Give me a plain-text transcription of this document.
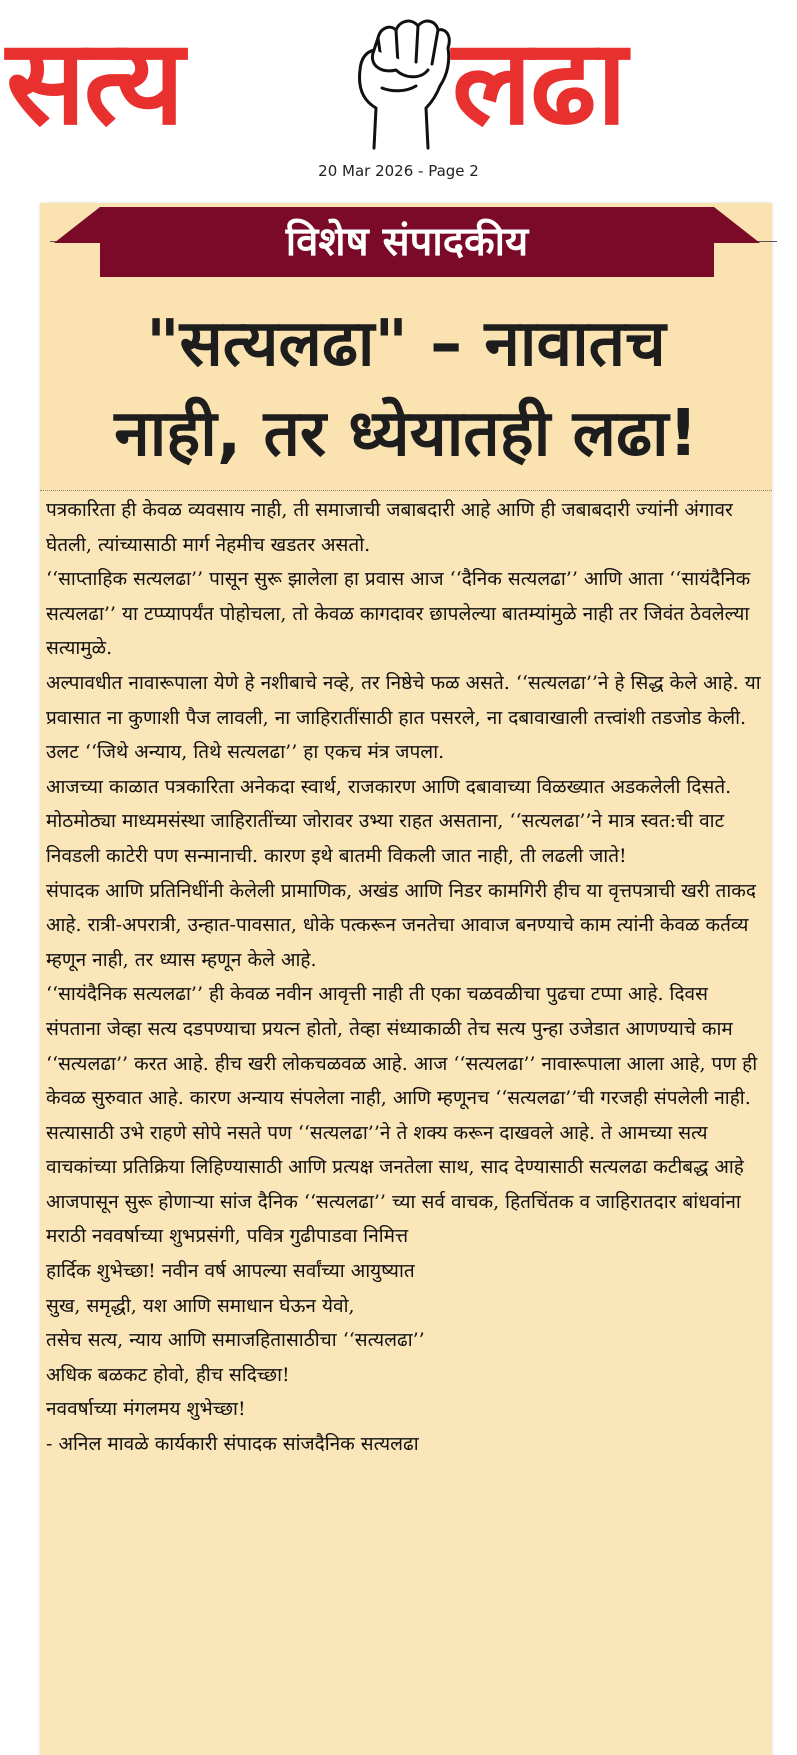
सत्य लढा
20 Mar 2026 - Page 2
विशेष संपादकीय
"सत्यलढा" – नावातच
नाही, तर ध्येयातही लढा!

पत्रकारिता ही केवळ व्यवसाय नाही, ती समाजाची जबाबदारी आहे आणि ही जबाबदारी ज्यांनी अंगावर घेतली, त्यांच्यासाठी मार्ग नेहमीच खडतर असतो.

‘‘साप्ताहिक सत्यलढा’’ पासून सुरू झालेला हा प्रवास आज ‘‘दैनिक सत्यलढा’’ आणि आता ‘‘सायंदैनिक सत्यलढा’’ या टप्प्यापर्यंत पोहोचला, तो केवळ कागदावर छापलेल्या बातम्यांमुळे नाही तर जिवंत ठेवलेल्या सत्यामुळे.

अल्पावधीत नावारूपाला येणे हे नशीबाचे नव्हे, तर निष्ठेचे फळ असते. ‘‘सत्यलढा’’ने हे सिद्ध केले आहे. या प्रवासात ना कुणाशी पैज लावली, ना जाहिरातींसाठी हात पसरले, ना दबावाखाली तत्त्वांशी तडजोड केली. उलट ‘‘जिथे अन्याय, तिथे सत्यलढा’’ हा एकच मंत्र जपला.

आजच्या काळात पत्रकारिता अनेकदा स्वार्थ, राजकारण आणि दबावाच्या विळख्यात अडकलेली दिसते. मोठमोठ्या माध्यमसंस्था जाहिरातींच्या जोरावर उभ्या राहत असताना, ‘‘सत्यलढा’’ने मात्र स्वत:ची वाट निवडली काटेरी पण सन्मानाची. कारण इथे बातमी विकली जात नाही, ती लढली जाते!

संपादक आणि प्रतिनिधींनी केलेली प्रामाणिक, अखंड आणि निडर कामगिरी हीच या वृत्तपत्राची खरी ताकद आहे. रात्री-अपरात्री, उन्हात-पावसात, धोके पत्करून जनतेचा आवाज बनण्याचे काम त्यांनी केवळ कर्तव्य म्हणून नाही, तर ध्यास म्हणून केले आहे.

‘‘सायंदैनिक सत्यलढा’’ ही केवळ नवीन आवृत्ती नाही ती एका चळवळीचा पुढचा टप्पा आहे. दिवस संपताना जेव्हा सत्य दडपण्याचा प्रयत्न होतो, तेव्हा संध्याकाळी तेच सत्य पुन्हा उजेडात आणण्याचे काम ‘‘सत्यलढा’’ करत आहे. हीच खरी लोकचळवळ आहे. आज ‘‘सत्यलढा’’ नावारूपाला आला आहे, पण ही केवळ सुरुवात आहे. कारण अन्याय संपलेला नाही, आणि म्हणूनच ‘‘सत्यलढा’’ची गरजही संपलेली नाही.

सत्यासाठी उभे राहणे सोपे नसते पण ‘‘सत्यलढा’’ने ते शक्य करून दाखवले आहे. ते आमच्या सत्य वाचकांच्या प्रतिक्रिया लिहिण्यासाठी आणि प्रत्यक्ष जनतेला साथ, साद देण्यासाठी सत्यलढा कटीबद्ध आहे

आजपासून सुरू होणाऱ्या सांज दैनिक ‘‘सत्यलढा’’ च्या सर्व वाचक, हितचिंतक व जाहिरातदार बांधवांना

मराठी नववर्षाच्या शुभप्रसंगी, पवित्र गुढीपाडवा निमित्त

हार्दिक शुभेच्छा! नवीन वर्ष आपल्या सर्वांच्या आयुष्यात

सुख, समृद्धी, यश आणि समाधान घेऊन येवो,

तसेच सत्य, न्याय आणि समाजहितासाठीचा ‘‘सत्यलढा’’

अधिक बळकट होवो, हीच सदिच्छा!

नववर्षाच्या मंगलमय शुभेच्छा!

- अनिल मावळे कार्यकारी संपादक सांजदैनिक सत्यलढा
